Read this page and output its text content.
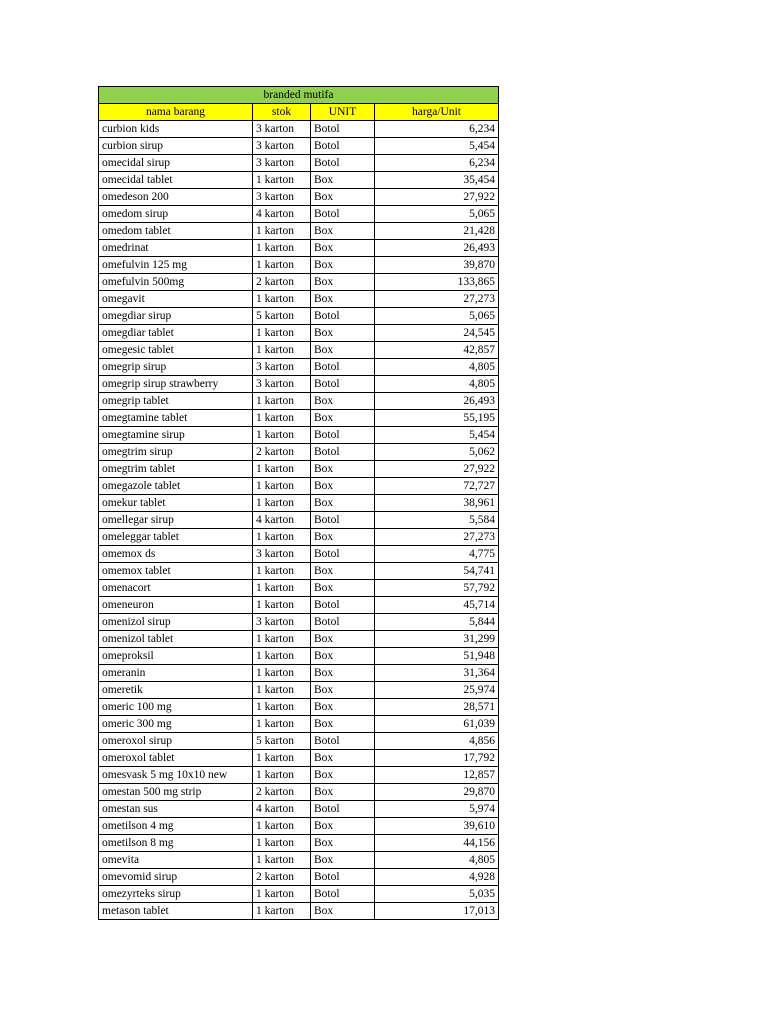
branded mutifa			
nama barang	stok	UNIT	harga/Unit
curbion kids	3 karton	Botol	6,234
curbion sirup	3 karton	Botol	5,454
omecidal sirup	3 karton	Botol	6,234
omecidal tablet	1 karton	Box	35,454
omedeson 200	3 karton	Box	27,922
omedom sirup	4 karton	Botol	5,065
omedom tablet	1 karton	Box	21,428
omedrinat	1 karton	Box	26,493
omefulvin 125 mg	1 karton	Box	39,870
omefulvin 500mg	2 karton	Box	133,865
omegavit	1 karton	Box	27,273
omegdiar sirup	5 karton	Botol	5,065
omegdiar tablet	1 karton	Box	24,545
omegesic tablet	1 karton	Box	42,857
omegrip sirup	3 karton	Botol	4,805
omegrip sirup strawberry	3 karton	Botol	4,805
omegrip tablet	1 karton	Box	26,493
omegtamine tablet	1 karton	Box	55,195
omegtamine sirup	1 karton	Botol	5,454
omegtrim sirup	2 karton	Botol	5,062
omegtrim tablet	1 karton	Box	27,922
omegazole tablet	1 karton	Box	72,727
omekur tablet	1 karton	Box	38,961
omellegar sirup	4 karton	Botol	5,584
omeleggar tablet	1 karton	Box	27,273
omemox ds	3 karton	Botol	4,775
omemox tablet	1 karton	Box	54,741
omenacort	1 karton	Box	57,792
omeneuron	1 karton	Botol	45,714
omenizol sirup	3 karton	Botol	5,844
omenizol tablet	1 karton	Box	31,299
omeproksil	1 karton	Box	51,948
omeranin	1 karton	Box	31,364
omeretik	1 karton	Box	25,974
omeric 100 mg	1 karton	Box	28,571
omeric 300 mg	1 karton	Box	61,039
omeroxol sirup	5 karton	Botol	4,856
omeroxol tablet	1 karton	Box	17,792
omesvask 5 mg 10x10 new	1 karton	Box	12,857
omestan 500 mg strip	2 karton	Box	29,870
omestan sus	4 karton	Botol	5,974
ometilson 4 mg	1 karton	Box	39,610
ometilson 8 mg	1 karton	Box	44,156
omevita	1 karton	Box	4,805
omevomid sirup	2 karton	Botol	4,928
omezyrteks sirup	1 karton	Botol	5,035
metason tablet	1 karton	Box	17,013
